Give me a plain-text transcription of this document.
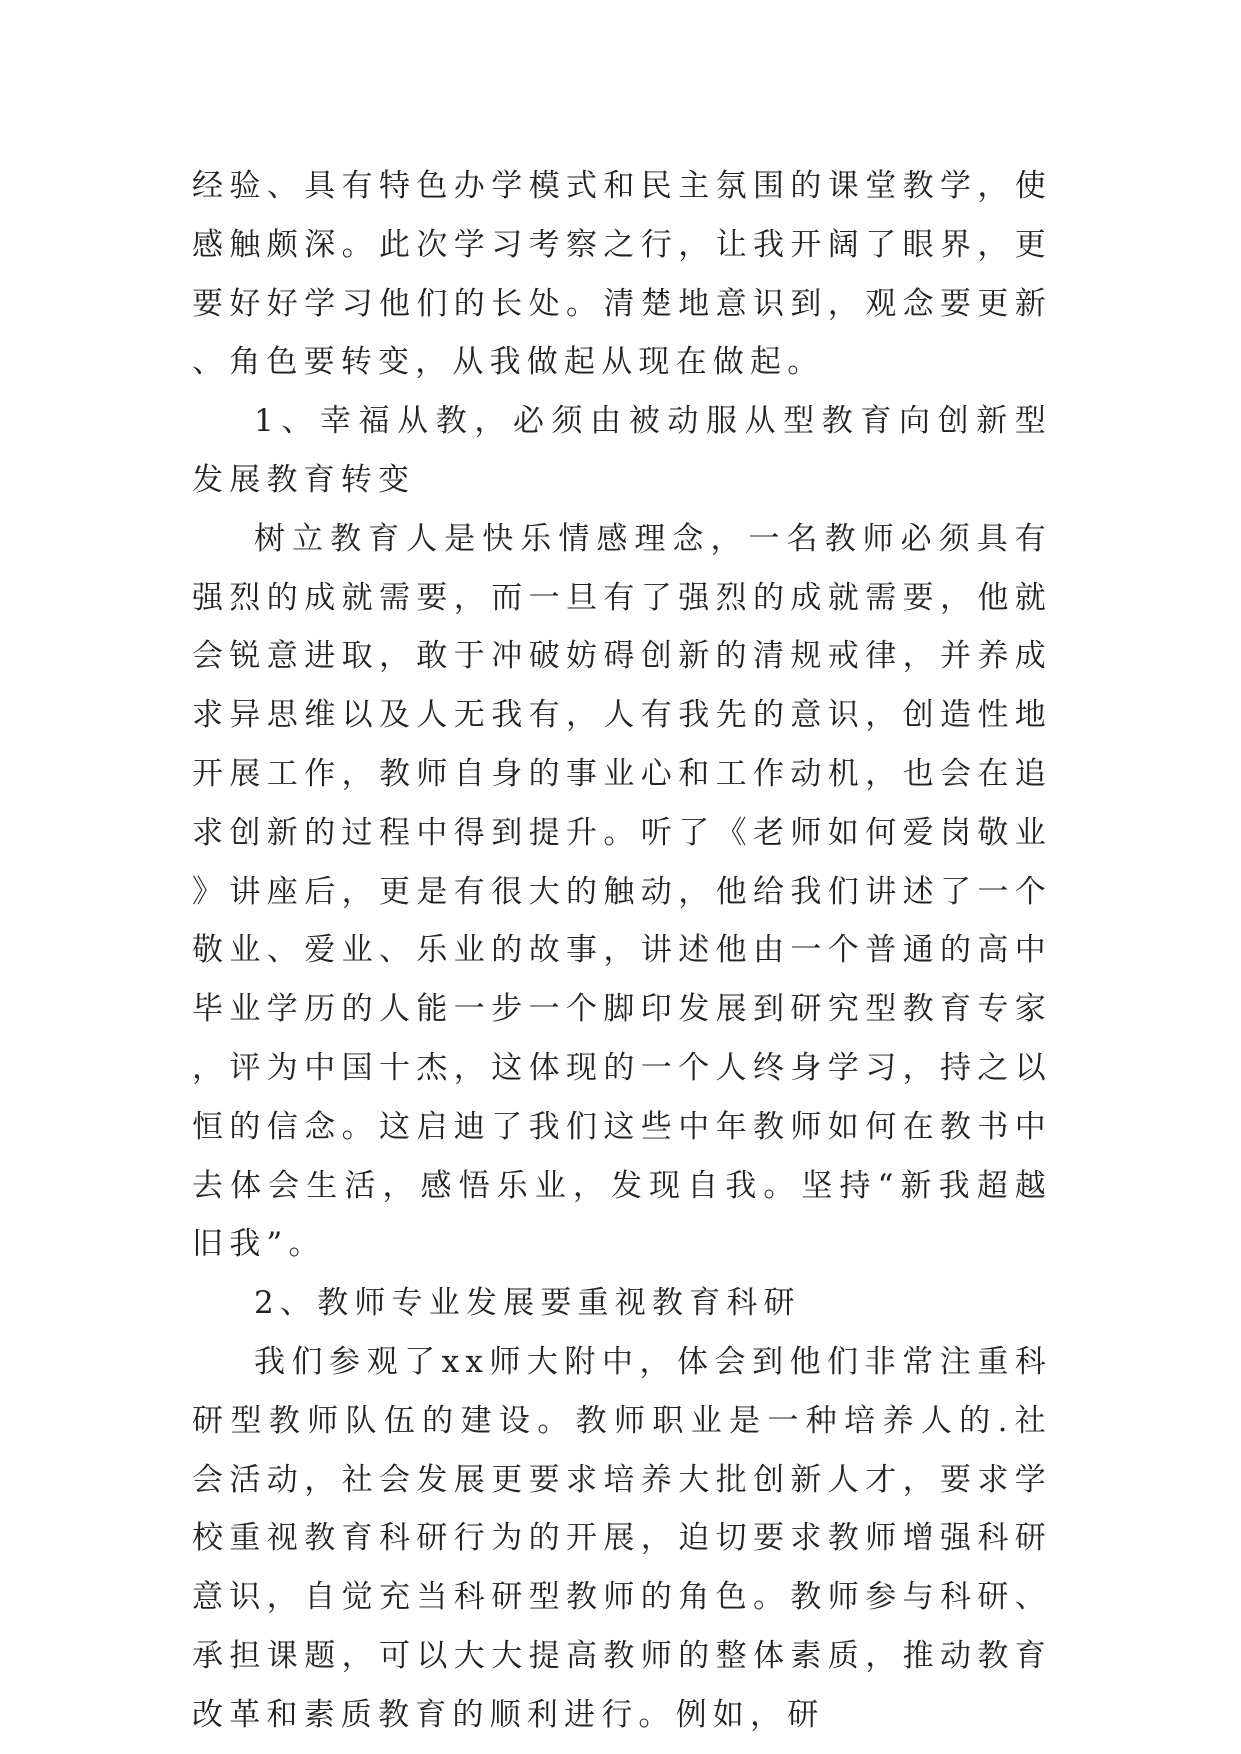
经验、具有特色办学模式和民主氛围的课堂教学，使感触颇深。此次学习考察之行，让我开阔了眼界，更要好好学习他们的长处。清楚地意识到，观念要更新、角色要转变，从我做起从现在做起。

1、幸福从教，必须由被动服从型教育向创新型发展教育转变

树立教育人是快乐情感理念，一名教师必须具有强烈的成就需要，而一旦有了强烈的成就需要，他就会锐意进取，敢于冲破妨碍创新的清规戒律，并养成求异思维以及人无我有，人有我先的意识，创造性地开展工作，教师自身的事业心和工作动机，也会在追求创新的过程中得到提升。听了《老师如何爱岗敬业》讲座后，更是有很大的触动，他给我们讲述了一个敬业、爱业、乐业的故事，讲述他由一个普通的高中毕业学历的人能一步一个脚印发展到研究型教育专家，评为中国十杰，这体现的一个人终身学习，持之以恒的信念。这启迪了我们这些中年教师如何在教书中去体会生活，感悟乐业，发现自我。坚持“新我超越旧我”。

2、教师专业发展要重视教育科研

我们参观了xx师大附中，体会到他们非常注重科研型教师队伍的建设。教师职业是一种培养人的.社会活动，社会发展更要求培养大批创新人才，要求学校重视教育科研行为的开展，迫切要求教师增强科研意识，自觉充当科研型教师的角色。教师参与科研、承担课题，可以大大提高教师的整体素质，推动教育改革和素质教育的顺利进行。例如，研
